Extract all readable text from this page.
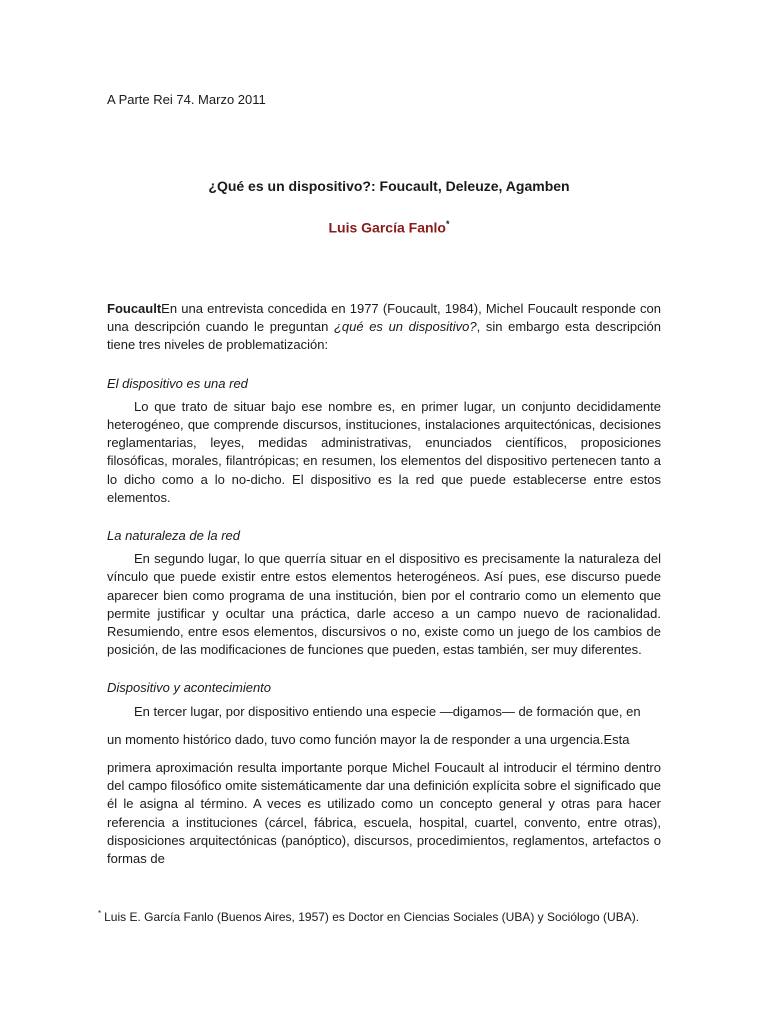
A Parte Rei 74. Marzo 2011
¿Qué es un dispositivo?: Foucault, Deleuze, Agamben
Luis García Fanlo*

FoucaultEn una entrevista concedida en 1977 (Foucault, 1984), Michel Foucault responde con una descripción cuando le preguntan ¿qué es un dispositivo?, sin embargo esta descripción tiene tres niveles de problematización:

El dispositivo es una red

Lo que trato de situar bajo ese nombre es, en primer lugar, un conjunto decididamente heterogéneo, que comprende discursos, instituciones, instalaciones arquitectónicas, decisiones reglamentarias, leyes, medidas administrativas, enunciados científicos, proposiciones filosóficas, morales, filantrópicas; en resumen, los elementos del dispositivo pertenecen tanto a lo dicho como a lo no-dicho. El dispositivo es la red que puede establecerse entre estos elementos.

La naturaleza de la red

En segundo lugar, lo que querría situar en el dispositivo es precisamente la naturaleza del vínculo que puede existir entre estos elementos heterogéneos. Así pues, ese discurso puede aparecer bien como programa de una institución, bien por el contrario como un elemento que permite justificar y ocultar una práctica, darle acceso a un campo nuevo de racionalidad. Resumiendo, entre esos elementos, discursivos o no, existe como un juego de los cambios de posición, de las modificaciones de funciones que pueden, estas también, ser muy diferentes.

Dispositivo y acontecimiento

En tercer lugar, por dispositivo entiendo una especie —digamos— de formación que, en

un momento histórico dado, tuvo como función mayor la de responder a una urgencia.Esta

primera aproximación resulta importante porque Michel Foucault al introducir el término dentro del campo filosófico omite sistemáticamente dar una definición explícita sobre el significado que él le asigna al término. A veces es utilizado como un concepto general y otras para hacer referencia a instituciones (cárcel, fábrica, escuela, hospital, cuartel, convento, entre otras), disposiciones arquitectónicas (panóptico), discursos, procedimientos, reglamentos, artefactos o formas de

* Luis E. García Fanlo (Buenos Aires, 1957) es Doctor en Ciencias Sociales (UBA) y Sociólogo (UBA).
